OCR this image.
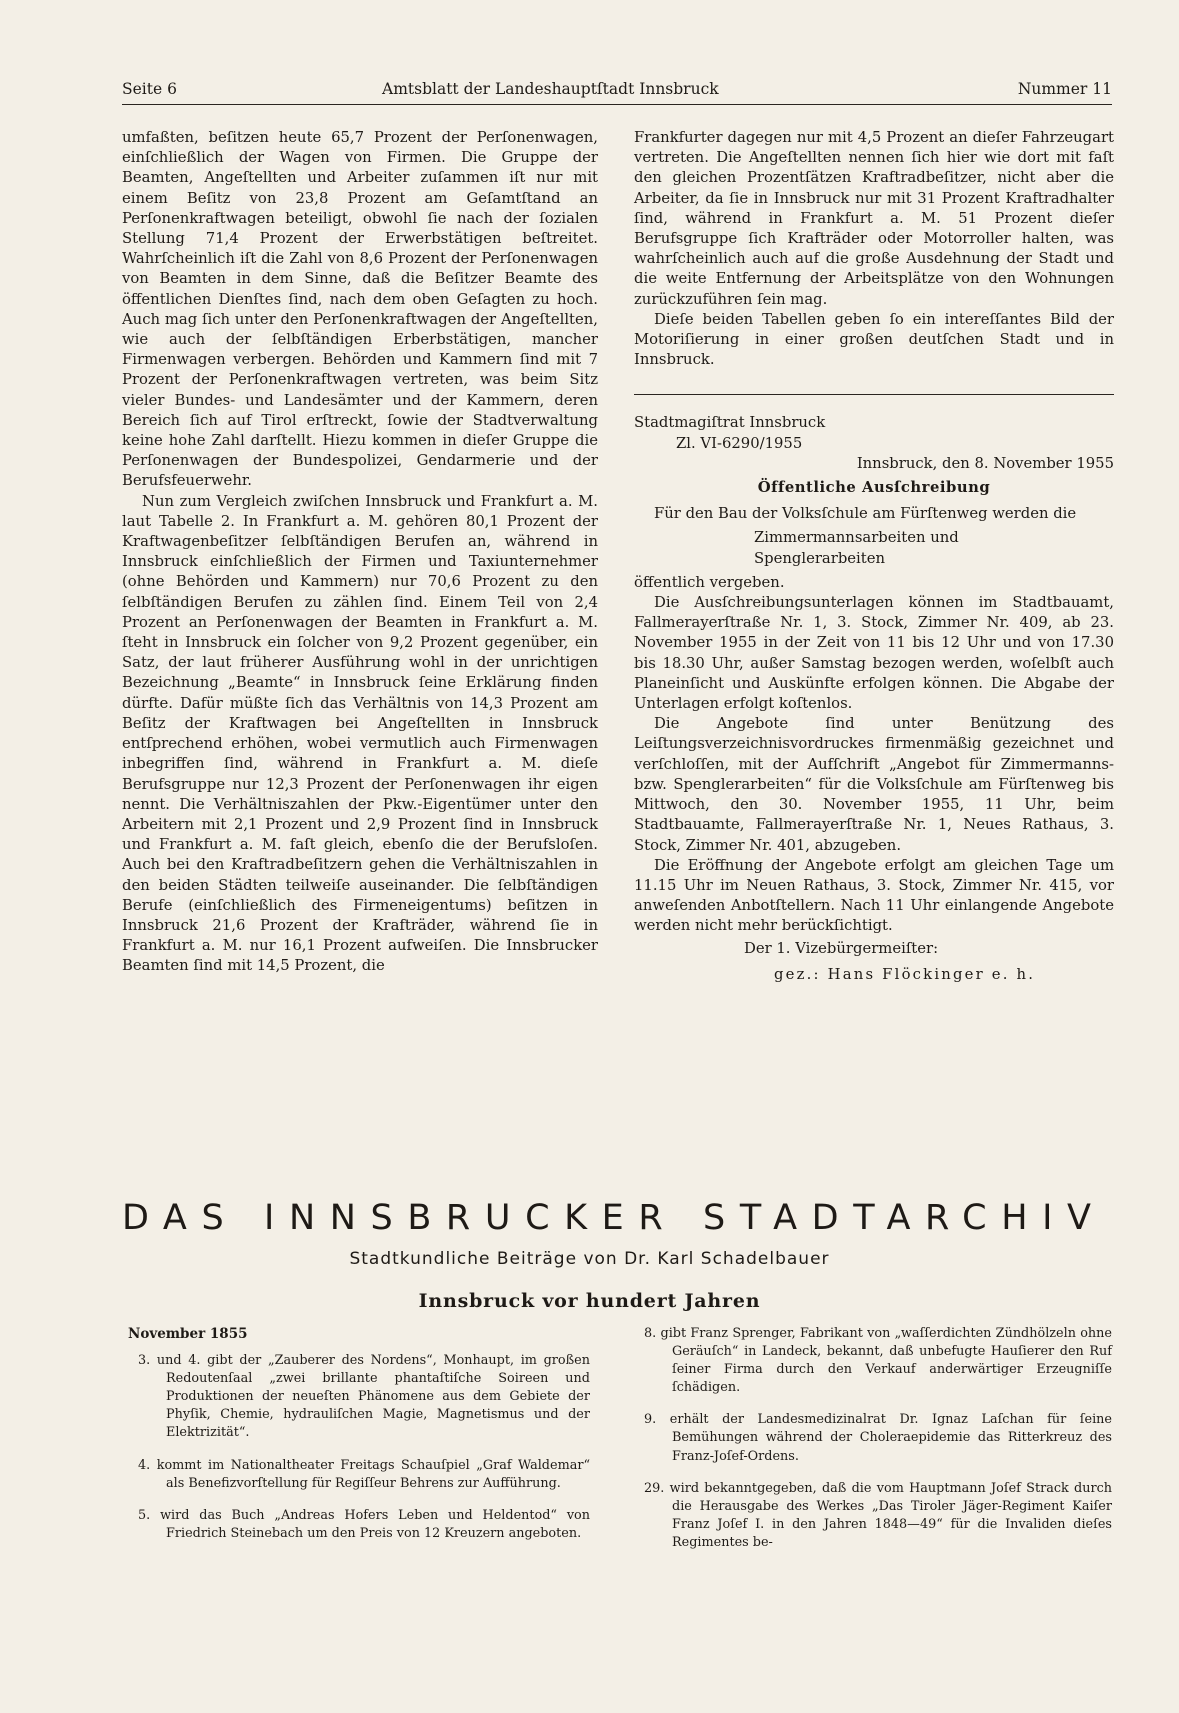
Seite 6	Amtsblatt der Landeshauptſtadt Innsbruck	Nummer 11

umfaßten, beſitzen heute 65,7 Prozent der Perſonenwagen, einſchließlich der Wagen von Firmen. Die Gruppe der Beamten, Angeſtellten und Arbeiter zuſammen iſt nur mit einem Beſitz von 23,8 Prozent am Geſamtſtand an Perſonenkraftwagen beteiligt, obwohl ſie nach der ſozialen Stellung 71,4 Prozent der Erwerbstätigen beſtreitet. Wahrſcheinlich iſt die Zahl von 8,6 Prozent der Perſonenwagen von Beamten in dem Sinne, daß die Beſitzer Beamte des öffentlichen Dienſtes ſind, nach dem oben Geſagten zu hoch. Auch mag ſich unter den Perſonenkraftwagen der Angeſtellten, wie auch der ſelbſtändigen Erberbstätigen, mancher Firmenwagen verbergen. Behörden und Kammern ſind mit 7 Prozent der Perſonenkraftwagen vertreten, was beim Sitz vieler Bundes- und Landesämter und der Kammern, deren Bereich ſich auf Tirol erſtreckt, ſowie der Stadtverwaltung keine hohe Zahl darſtellt. Hiezu kommen in dieſer Gruppe die Perſonenwagen der Bundespolizei, Gendarmerie und der Berufsfeuerwehr.

Nun zum Vergleich zwiſchen Innsbruck und Frankfurt a. M. laut Tabelle 2. In Frankfurt a. M. gehören 80,1 Prozent der Kraftwagenbeſitzer ſelbſtändigen Berufen an, während in Innsbruck einſchließlich der Firmen und Taxiunternehmer (ohne Behörden und Kammern) nur 70,6 Prozent zu den ſelbſtändigen Berufen zu zählen ſind. Einem Teil von 2,4 Prozent an Perſonenwagen der Beamten in Frankfurt a. M. ſteht in Innsbruck ein ſolcher von 9,2 Prozent gegenüber, ein Satz, der laut früherer Ausführung wohl in der unrichtigen Bezeichnung „Beamte“ in Innsbruck ſeine Erklärung finden dürfte. Dafür müßte ſich das Verhältnis von 14,3 Prozent am Beſitz der Kraftwagen bei Angeſtellten in Innsbruck entſprechend erhöhen, wobei vermutlich auch Firmenwagen inbegriffen ſind, während in Frankfurt a. M. dieſe Berufsgruppe nur 12,3 Prozent der Perſonenwagen ihr eigen nennt. Die Verhältniszahlen der Pkw.-Eigentümer unter den Arbeitern mit 2,1 Prozent und 2,9 Prozent ſind in Innsbruck und Frankfurt a. M. faſt gleich, ebenſo die der Berufsloſen. Auch bei den Kraftradbeſitzern gehen die Verhältniszahlen in den beiden Städten teilweiſe auseinander. Die ſelbſtändigen Berufe (einſchließlich des Firmeneigentums) beſitzen in Innsbruck 21,6 Prozent der Krafträder, während ſie in Frankfurt a. M. nur 16,1 Prozent aufweiſen. Die Innsbrucker Beamten ſind mit 14,5 Prozent, die

Frankfurter dagegen nur mit 4,5 Prozent an dieſer Fahrzeugart vertreten. Die Angeſtellten nennen ſich hier wie dort mit faſt den gleichen Prozentſätzen Kraftradbeſitzer, nicht aber die Arbeiter, da ſie in Innsbruck nur mit 31 Prozent Kraftradhalter ſind, während in Frankfurt a. M. 51 Prozent dieſer Berufsgruppe ſich Krafträder oder Motorroller halten, was wahrſcheinlich auch auf die große Ausdehnung der Stadt und die weite Entfernung der Arbeitsplätze von den Wohnungen zurückzuführen ſein mag.

Dieſe beiden Tabellen geben ſo ein intereſſantes Bild der Motoriſierung in einer großen deutſchen Stadt und in Innsbruck.

Stadtmagiſtrat Innsbruck

Zl. VI-6290/1955

Innsbruck, den 8. November 1955

Öffentliche Ausſchreibung

Für den Bau der Volksſchule am Fürſtenweg werden die

Zimmermannsarbeiten und

Spenglerarbeiten

öffentlich vergeben.

Die Ausſchreibungsunterlagen können im Stadtbauamt, Fallmerayerſtraße Nr. 1, 3. Stock, Zimmer Nr. 409, ab 23. November 1955 in der Zeit von 11 bis 12 Uhr und von 17.30 bis 18.30 Uhr, außer Samstag bezogen werden, woſelbſt auch Planeinſicht und Auskünfte erfolgen können. Die Abgabe der Unterlagen erfolgt koſtenlos.

Die Angebote ſind unter Benützung des Leiſtungsverzeichnisvordruckes firmenmäßig gezeichnet und verſchloſſen, mit der Aufſchrift „Angebot für Zimmermanns- bzw. Spenglerarbeiten“ für die Volksſchule am Fürſtenweg bis Mittwoch, den 30. November 1955, 11 Uhr, beim Stadtbauamte, Fallmerayerſtraße Nr. 1, Neues Rathaus, 3. Stock, Zimmer Nr. 401, abzugeben.

Die Eröffnung der Angebote erfolgt am gleichen Tage um 11.15 Uhr im Neuen Rathaus, 3. Stock, Zimmer Nr. 415, vor anweſenden Anbotſtellern. Nach 11 Uhr einlangende Angebote werden nicht mehr berückſichtigt.

Der 1. Vizebürgermeiſter:

gez.: Hans Flöckinger e. h.

DAS INNSBRUCKER STADTARCHIV
Stadtkundliche Beiträge von Dr. Karl Schadelbauer
Innsbruck vor hundert Jahren

November 1855

3. und 4. gibt der „Zauberer des Nordens“, Monhaupt, im großen Redoutenſaal „zwei brillante phantaſtiſche Soireen und Produktionen der neueſten Phänomene aus dem Gebiete der Phyſik, Chemie, hydrauliſchen Magie, Magnetismus und der Elektrizität“.

4. kommt im Nationaltheater Freitags Schauſpiel „Graf Waldemar“ als Benefizvorſtellung für Regiſſeur Behrens zur Aufführung.

5. wird das Buch „Andreas Hofers Leben und Heldentod“ von Friedrich Steinebach um den Preis von 12 Kreuzern angeboten.

8. gibt Franz Sprenger, Fabrikant von „waſſerdichten Zündhölzeln ohne Geräuſch“ in Landeck, bekannt, daß unbefugte Hauſierer den Ruf ſeiner Firma durch den Verkauf anderwärtiger Erzeugniſſe ſchädigen.

9. erhält der Landesmedizinalrat Dr. Ignaz Laſchan für ſeine Bemühungen während der Choleraepidemie das Ritterkreuz des Franz-Joſef-Ordens.

29. wird bekanntgegeben, daß die vom Hauptmann Joſef Strack durch die Herausgabe des Werkes „Das Tiroler Jäger-Regiment Kaiſer Franz Joſef I. in den Jahren 1848—49“ für die Invaliden dieſes Regimentes be-
